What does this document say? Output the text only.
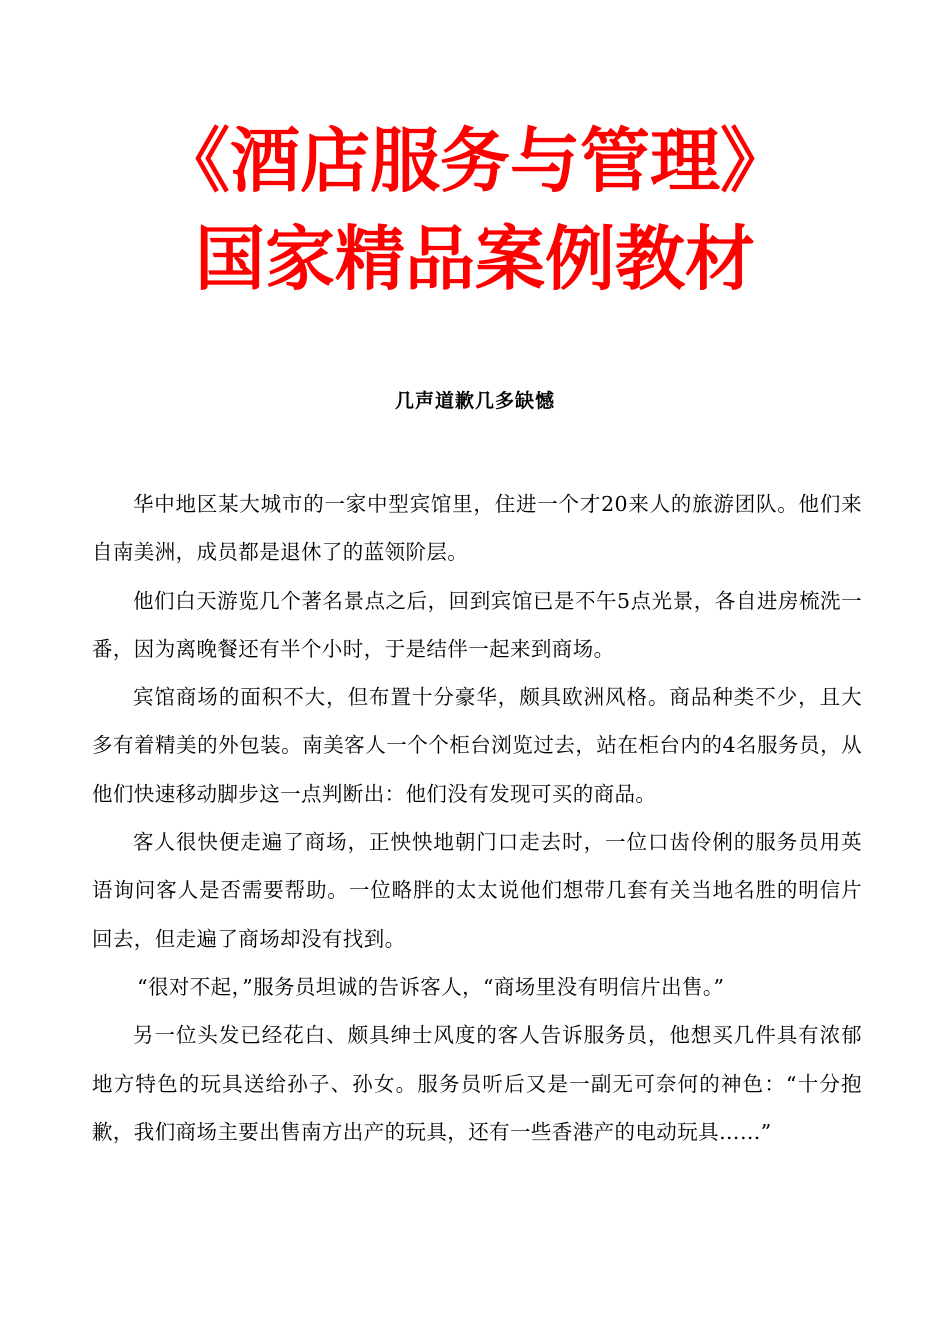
《酒店服务与管理》
国家精品案例教材
几声道歉几多缺憾

华中地区某大城市的一家中型宾馆里，住进一个才20来人的旅游团队。他们来自南美洲，成员都是退休了的蓝领阶层。

他们白天游览几个著名景点之后，回到宾馆已是不午5点光景，各自进房梳洗一番，因为离晚餐还有半个小时，于是结伴一起来到商场。

宾馆商场的面积不大，但布置十分豪华，颇具欧洲风格。商品种类不少，且大多有着精美的外包装。南美客人一个个柜台浏览过去，站在柜台内的4名服务员，从他们快速移动脚步这一点判断出：他们没有发现可买的商品。

客人很快便走遍了商场，正怏怏地朝门口走去时，一位口齿伶俐的服务员用英语询问客人是否需要帮助。一位略胖的太太说他们想带几套有关当地名胜的明信片回去，但走遍了商场却没有找到。

“很对不起，”服务员坦诚的告诉客人，“商场里没有明信片出售。”

另一位头发已经花白、颇具绅士风度的客人告诉服务员，他想买几件具有浓郁地方特色的玩具送给孙子、孙女。服务员听后又是一副无可奈何的神色：“十分抱歉，我们商场主要出售南方出产的玩具，还有一些香港产的电动玩具……”
